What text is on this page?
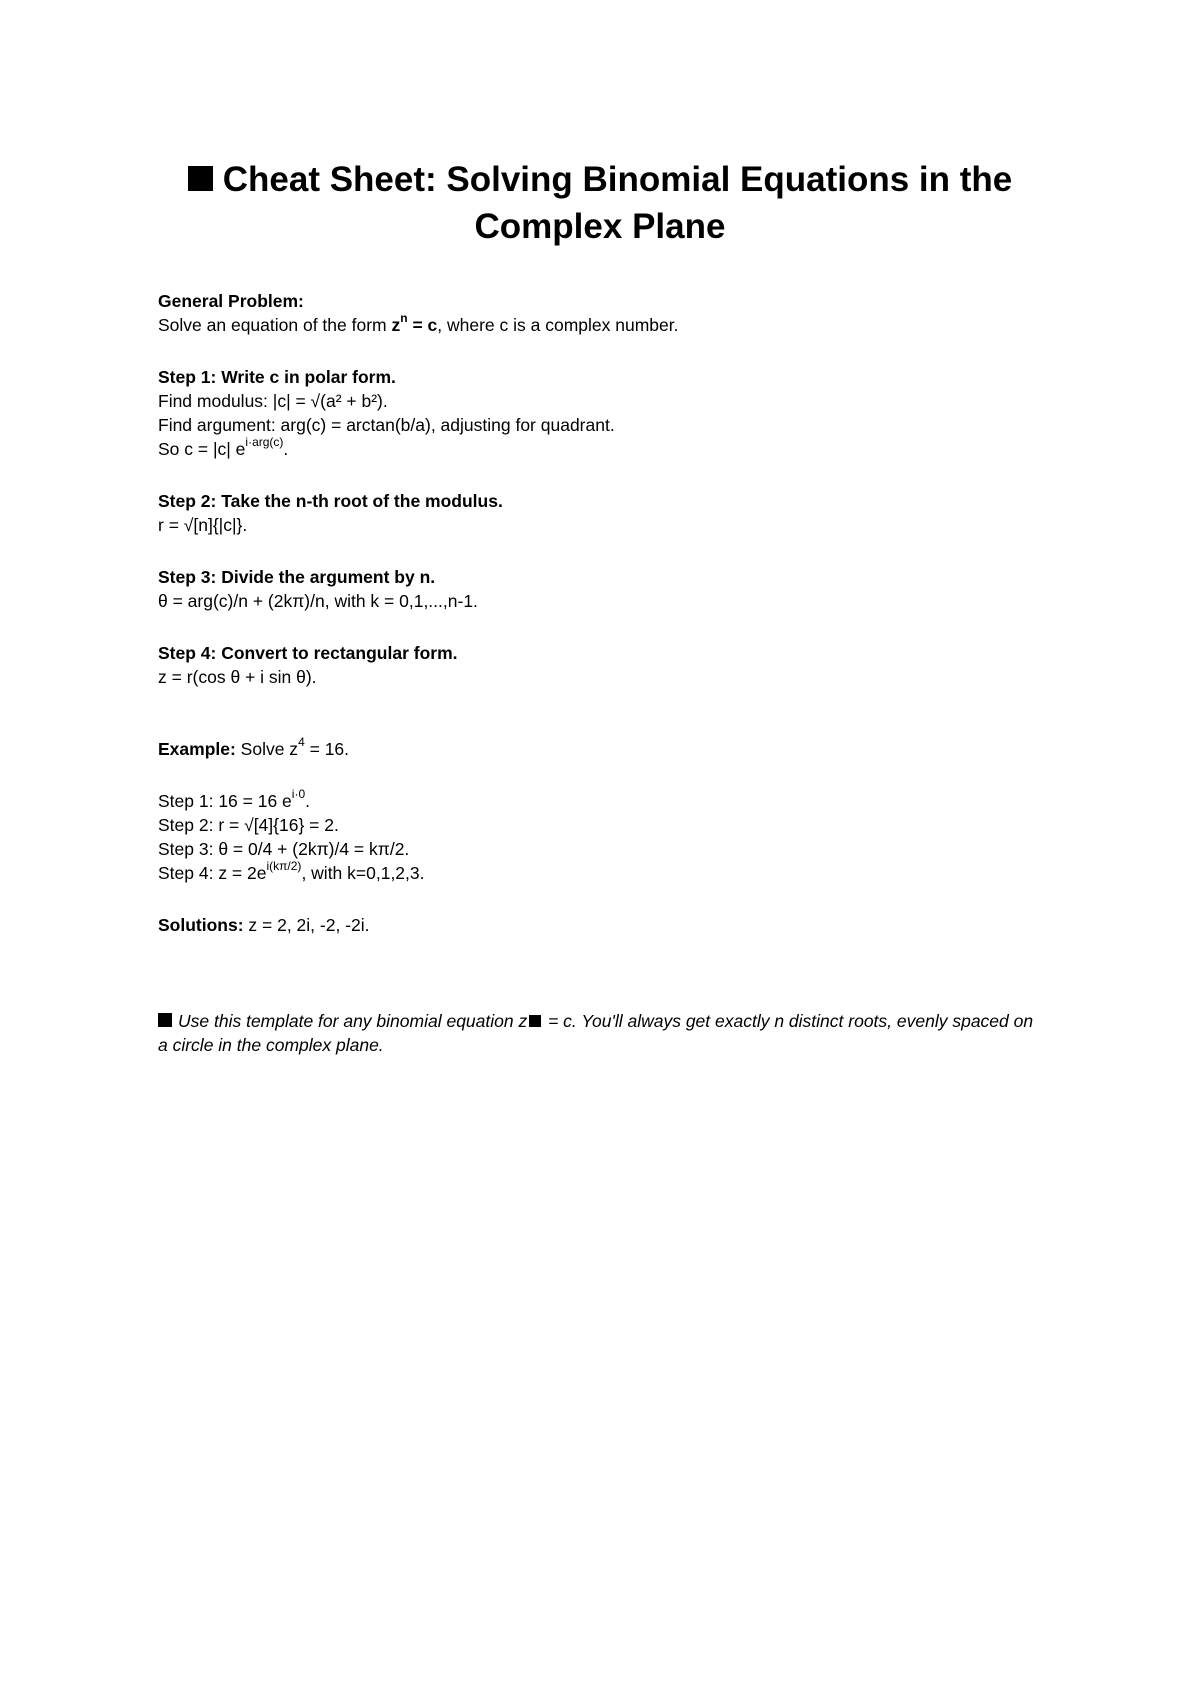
Cheat Sheet: Solving Binomial Equations in the
Complex Plane
General Problem:
Solve an equation of the form $z^n = c$, where c is a complex number.
Step 1: Write c in polar form.
Find modulus: |c| = √(a² + b²).
Find argument: arg(c) = arctan(b/a), adjusting for quadrant.
So c = |c| $e^{i\cdot arg(c)}$.
Step 2: Take the n-th root of the modulus.
r = √[n]{|c|}.
Step 3: Divide the argument by n.
θ = arg(c)/n + (2kπ)/n, with k = 0,1,...,n-1.
Step 4: Convert to rectangular form.
z = r(cos θ + i sin θ).
Example: Solve $z^4 = 16$.
Step 1: 16 = 16 $e^{i\cdot 0}$.
Step 2: r = √[4]{16} = 2.
Step 3: θ = 0/4 + (2kπ)/4 = kπ/2.
Step 4: $z = 2e^{i(k\pi/2)}$, with k=0,1,2,3.
Solutions: z = 2, 2i, -2, -2i.
Use this template for any binomial equation z = c. You'll always get exactly n distinct roots, evenly spaced on a circle in the complex plane.
